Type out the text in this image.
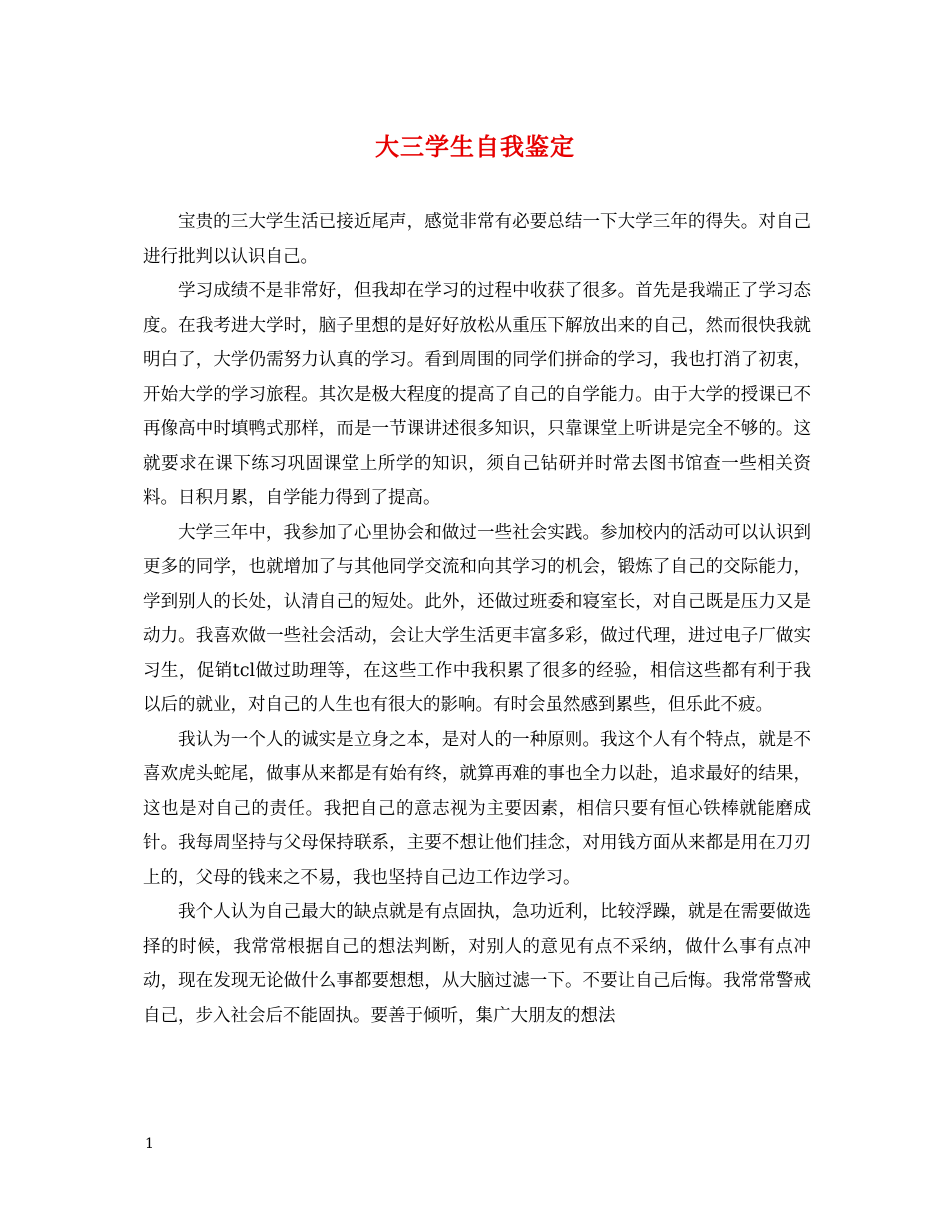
大三学生自我鉴定

宝贵的三大学生活已接近尾声，感觉非常有必要总结一下大学三年的得失。对自己进行批判以认识自己。

学习成绩不是非常好，但我却在学习的过程中收获了很多。首先是我端正了学习态度。在我考进大学时，脑子里想的是好好放松从重压下解放出来的自己，然而很快我就明白了，大学仍需努力认真的学习。看到周围的同学们拼命的学习，我也打消了初衷，开始大学的学习旅程。其次是极大程度的提高了自己的自学能力。由于大学的授课已不再像高中时填鸭式那样，而是一节课讲述很多知识，只靠课堂上听讲是完全不够的。这就要求在课下练习巩固课堂上所学的知识，须自己钻研并时常去图书馆查一些相关资料。日积月累，自学能力得到了提高。

大学三年中，我参加了心里协会和做过一些社会实践。参加校内的活动可以认识到更多的同学，也就增加了与其他同学交流和向其学习的机会，锻炼了自己的交际能力，学到别人的长处，认清自己的短处。此外，还做过班委和寝室长，对自己既是压力又是动力。我喜欢做一些社会活动，会让大学生活更丰富多彩，做过代理，进过电子厂做实习生，促销tcl做过助理等，在这些工作中我积累了很多的经验，相信这些都有利于我以后的就业，对自己的人生也有很大的影响。有时会虽然感到累些，但乐此不疲。

我认为一个人的诚实是立身之本，是对人的一种原则。我这个人有个特点，就是不喜欢虎头蛇尾，做事从来都是有始有终，就算再难的事也全力以赴，追求最好的结果，这也是对自己的责任。我把自己的意志视为主要因素，相信只要有恒心铁棒就能磨成针。我每周坚持与父母保持联系，主要不想让他们挂念，对用钱方面从来都是用在刀刃上的，父母的钱来之不易，我也坚持自己边工作边学习。

我个人认为自己最大的缺点就是有点固执，急功近利，比较浮躁，就是在需要做选择的时候，我常常根据自己的想法判断，对别人的意见有点不采纳，做什么事有点冲动，现在发现无论做什么事都要想想，从大脑过滤一下。不要让自己后悔。我常常警戒自己，步入社会后不能固执。要善于倾听，集广大朋友的想法

1
